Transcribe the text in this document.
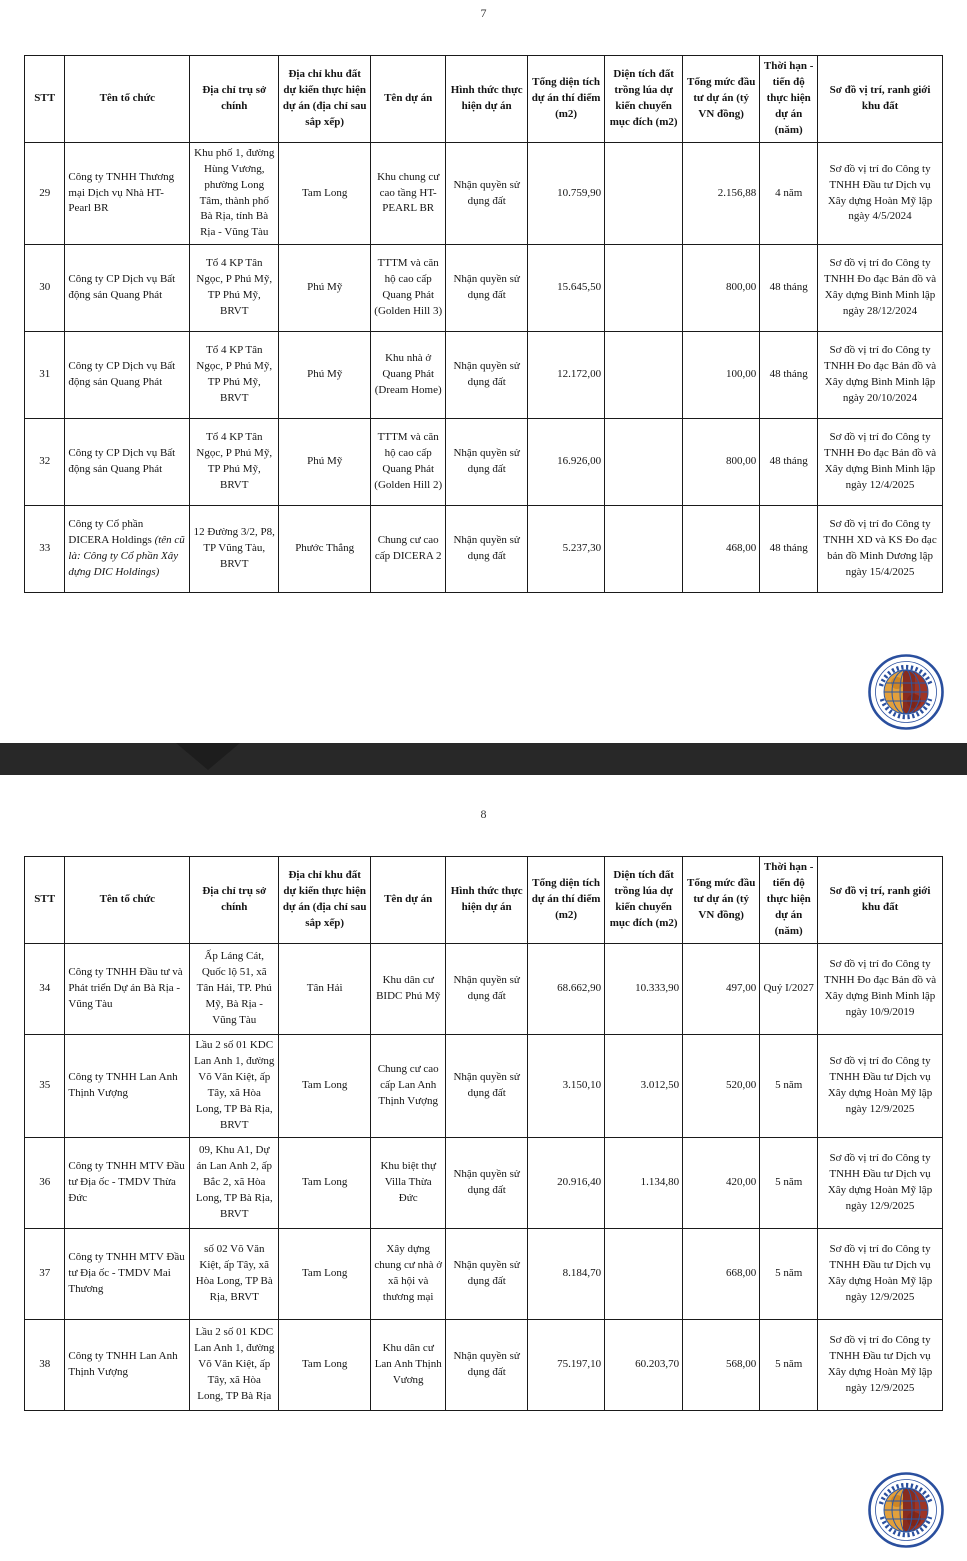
7
STT	Tên tổ chức	Địa chỉ trụ sở chính	Địa chỉ khu đất dự kiến thực hiện dự án (địa chỉ sau sắp xếp)	Tên dự án	Hình thức thực hiện dự án	Tổng diện tích dự án thí điểm (m2)	Diện tích đất trồng lúa dự kiến chuyển mục đích (m2)	Tổng mức đầu tư dự án (tỷ VN đồng)	Thời hạn - tiến độ thực hiện dự án (năm)	Sơ đồ vị trí, ranh giới khu đất
29	Công ty TNHH Thương mại Dịch vụ Nhà HT-Pearl BR	Khu phố 1, đường Hùng Vương, phường Long Tâm, thành phố Bà Rịa, tỉnh Bà Rịa - Vũng Tàu	Tam Long	Khu chung cư cao tầng HT-PEARL BR	Nhận quyền sử dụng đất	10.759,90		2.156,88	4 năm	Sơ đồ vị trí đo Công ty TNHH Đầu tư Dịch vụ Xây dựng Hoàn Mỹ lập ngày 4/5/2024
30	Công ty CP Dịch vụ Bất động sản Quang Phát	Tổ 4 KP Tân Ngọc, P Phú Mỹ, TP Phú Mỹ, BRVT	Phú Mỹ	TTTM và căn hộ cao cấp Quang Phát (Golden Hill 3)	Nhận quyền sử dụng đất	15.645,50		800,00	48 tháng	Sơ đồ vị trí đo Công ty TNHH Đo đạc Bản đồ và Xây dựng Bình Minh lập ngày 28/12/2024
31	Công ty CP Dịch vụ Bất động sản Quang Phát	Tổ 4 KP Tân Ngọc, P Phú Mỹ, TP Phú Mỹ, BRVT	Phú Mỹ	Khu nhà ở Quang Phát (Dream Home)	Nhận quyền sử dụng đất	12.172,00		100,00	48 tháng	Sơ đồ vị trí đo Công ty TNHH Đo đạc Bản đồ và Xây dựng Bình Minh lập ngày 20/10/2024
32	Công ty CP Dịch vụ Bất động sản Quang Phát	Tổ 4 KP Tân Ngọc, P Phú Mỹ, TP Phú Mỹ, BRVT	Phú Mỹ	TTTM và căn hộ cao cấp Quang Phát (Golden Hill 2)	Nhận quyền sử dụng đất	16.926,00		800,00	48 tháng	Sơ đồ vị trí đo Công ty TNHH Đo đạc Bản đồ và Xây dựng Bình Minh lập ngày 12/4/2025
33	Công ty Cổ phần DICERA Holdings (tên cũ là: Công ty Cổ phần Xây dựng DIC Holdings)	12 Đường 3/2, P8, TP Vũng Tàu, BRVT	Phước Thắng	Chung cư cao cấp DICERA 2	Nhận quyền sử dụng đất	5.237,30		468,00	48 tháng	Sơ đồ vị trí đo Công ty TNHH XD và KS Đo đạc bản đồ Minh Dương lập ngày 15/4/2025
8
STT	Tên tổ chức	Địa chỉ trụ sở chính	Địa chỉ khu đất dự kiến thực hiện dự án (địa chỉ sau sắp xếp)	Tên dự án	Hình thức thực hiện dự án	Tổng diện tích dự án thí điểm (m2)	Diện tích đất trồng lúa dự kiến chuyển mục đích (m2)	Tổng mức đầu tư dự án (tỷ VN đồng)	Thời hạn - tiến độ thực hiện dự án (năm)	Sơ đồ vị trí, ranh giới khu đất
34	Công ty TNHH Đầu tư và Phát triển Dự án Bà Rịa - Vũng Tàu	Ấp Láng Cát, Quốc lộ 51, xã Tân Hải, TP. Phú Mỹ, Bà Rịa - Vũng Tàu	Tân Hải	Khu dân cư BIDC Phú Mỹ	Nhận quyền sử dụng đất	68.662,90	10.333,90	497,00	Quý I/2027	Sơ đồ vị trí đo Công ty TNHH Đo đạc Bản đồ và Xây dựng Bình Minh lập ngày 10/9/2019
35	Công ty TNHH Lan Anh Thịnh Vượng	Lầu 2 số 01 KDC Lan Anh 1, đường Võ Văn Kiệt, ấp Tây, xã Hòa Long, TP Bà Rịa, BRVT	Tam Long	Chung cư cao cấp Lan Anh Thịnh Vượng	Nhận quyền sử dụng đất	3.150,10	3.012,50	520,00	5 năm	Sơ đồ vị trí đo Công ty TNHH Đầu tư Dịch vụ Xây dựng Hoàn Mỹ lập ngày 12/9/2025
36	Công ty TNHH MTV Đầu tư Địa ốc - TMDV Thừa Đức	09, Khu A1, Dự án Lan Anh 2, ấp Bắc 2, xã Hòa Long, TP Bà Rịa, BRVT	Tam Long	Khu biệt thự Villa Thừa Đức	Nhận quyền sử dụng đất	20.916,40	1.134,80	420,00	5 năm	Sơ đồ vị trí đo Công ty TNHH Đầu tư Dịch vụ Xây dựng Hoàn Mỹ lập ngày 12/9/2025
37	Công ty TNHH MTV Đầu tư Địa ốc - TMDV Mai Thương	số 02 Võ Văn Kiệt, ấp Tây, xã Hòa Long, TP Bà Rịa, BRVT	Tam Long	Xây dựng chung cư nhà ở xã hội và thương mại	Nhận quyền sử dụng đất	8.184,70		668,00	5 năm	Sơ đồ vị trí đo Công ty TNHH Đầu tư Dịch vụ Xây dựng Hoàn Mỹ lập ngày 12/9/2025
38	Công ty TNHH Lan Anh Thịnh Vượng	Lầu 2 số 01 KDC Lan Anh 1, đường Võ Văn Kiệt, ấp Tây, xã Hòa Long, TP Bà Rịa	Tam Long	Khu dân cư Lan Anh Thịnh Vương	Nhận quyền sử dụng đất	75.197,10	60.203,70	568,00	5 năm	Sơ đồ vị trí đo Công ty TNHH Đầu tư Dịch vụ Xây dựng Hoàn Mỹ lập ngày 12/9/2025
